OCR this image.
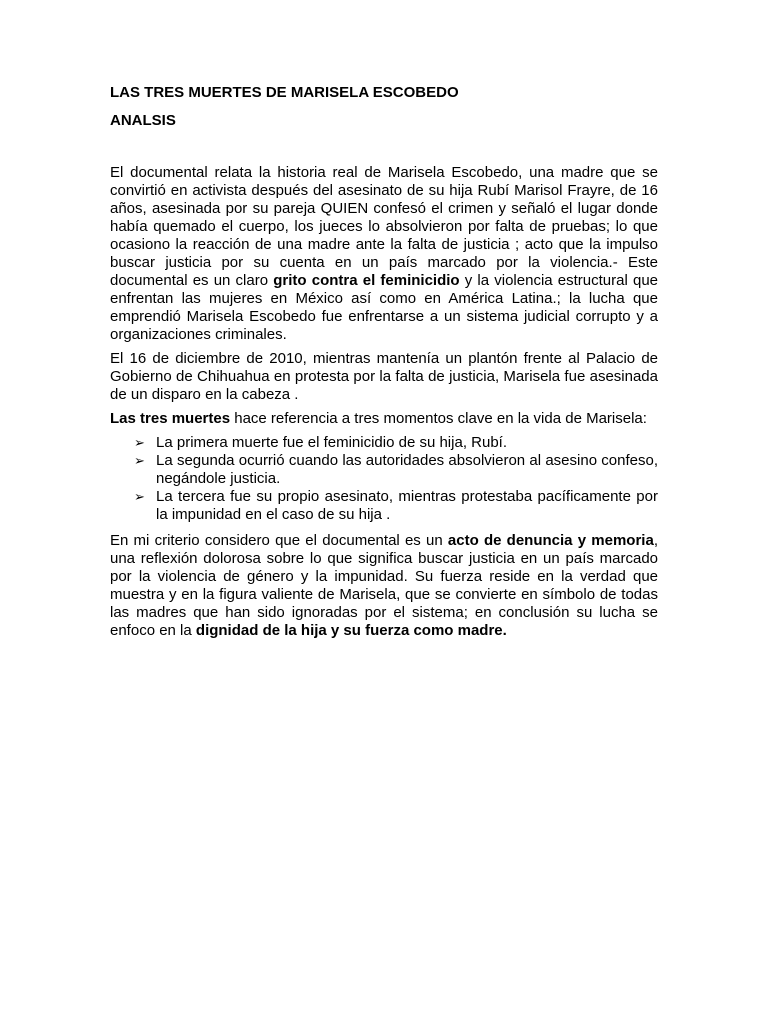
LAS TRES MUERTES DE MARISELA ESCOBEDO
ANALSIS

El documental relata la historia real de Marisela Escobedo, una madre que se convirtió en activista después del asesinato de su hija Rubí Marisol Frayre, de 16 años, asesinada por su pareja QUIEN confesó el crimen y señaló el lugar donde había quemado el cuerpo, los jueces lo absolvieron por falta de pruebas; lo que ocasiono la reacción de una madre ante la falta de justicia ; acto que la impulso buscar justicia por su cuenta en un país marcado por la violencia.- Este documental es un claro grito contra el feminicidio y la violencia estructural que enfrentan las mujeres en México así como en América Latina.; la lucha que emprendió Marisela Escobedo fue enfrentarse a un sistema judicial corrupto y a organizaciones criminales.

El 16 de diciembre de 2010, mientras mantenía un plantón frente al Palacio de Gobierno de Chihuahua en protesta por la falta de justicia, Marisela fue asesinada de un disparo en la cabeza .

Las tres muertes hace referencia a tres momentos clave en la vida de Marisela:

➢ La primera muerte fue el feminicidio de su hija, Rubí.
➢ La segunda ocurrió cuando las autoridades absolvieron al asesino confeso, negándole justicia.
➢ La tercera fue su propio asesinato, mientras protestaba pacíficamente por la impunidad en el caso de su hija .

En mi criterio considero que el documental es un acto de denuncia y memoria, una reflexión dolorosa sobre lo que significa buscar justicia en un país marcado por la violencia de género y la impunidad. Su fuerza reside en la verdad que muestra y en la figura valiente de Marisela, que se convierte en símbolo de todas las madres que han sido ignoradas por el sistema; en conclusión su lucha se enfoco en la dignidad de la hija y su fuerza como madre.
